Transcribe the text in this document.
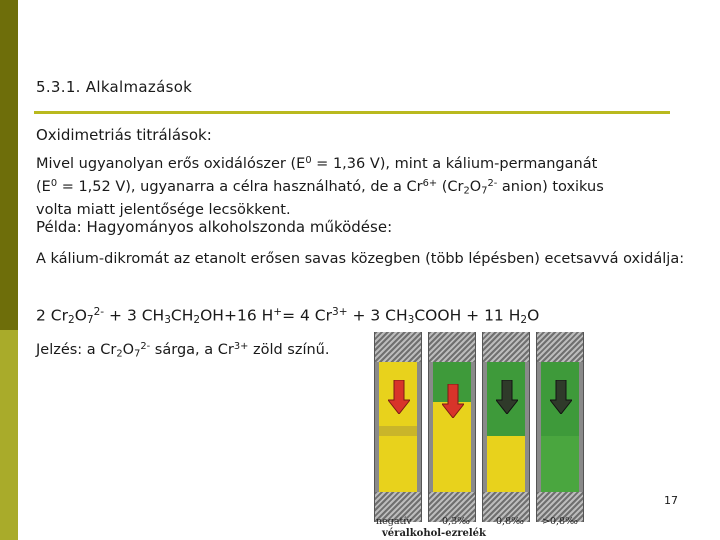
5.3.1. Alkalmazások
Oxidimetriás titrálások:
Mivel ugyanolyan erős oxidálószer ($E^0 = 1,36$ V), mint a kálium-permanganát
($E^0 = 1,52$ V), ugyanarra a célra használható, de a $Cr^{6+}$ ($Cr_2O_7^{2-}$ anion) toxikus
volta miatt jelentősége lecsökkent.
Példa: Hagyományos alkoholszonda működése:
A kálium-dikromát az etanolt erősen savas közegben (több lépésben) ecetsavvá oxidálja:
2 $Cr_2O_7^{2-} + 3$ $CH_3CH_2OH+16$ H+= 4 $Cr^{3+} + 3$ $CH_3COOH + 11$ $H_2O$
Jelzés: a $Cr_2O_7^{2-}$ sárga, a $Cr^{3+}$ zöld színű.
negatív	0,3‰	0,8‰ >0,8‰
véralkohol-ezrelék
17
